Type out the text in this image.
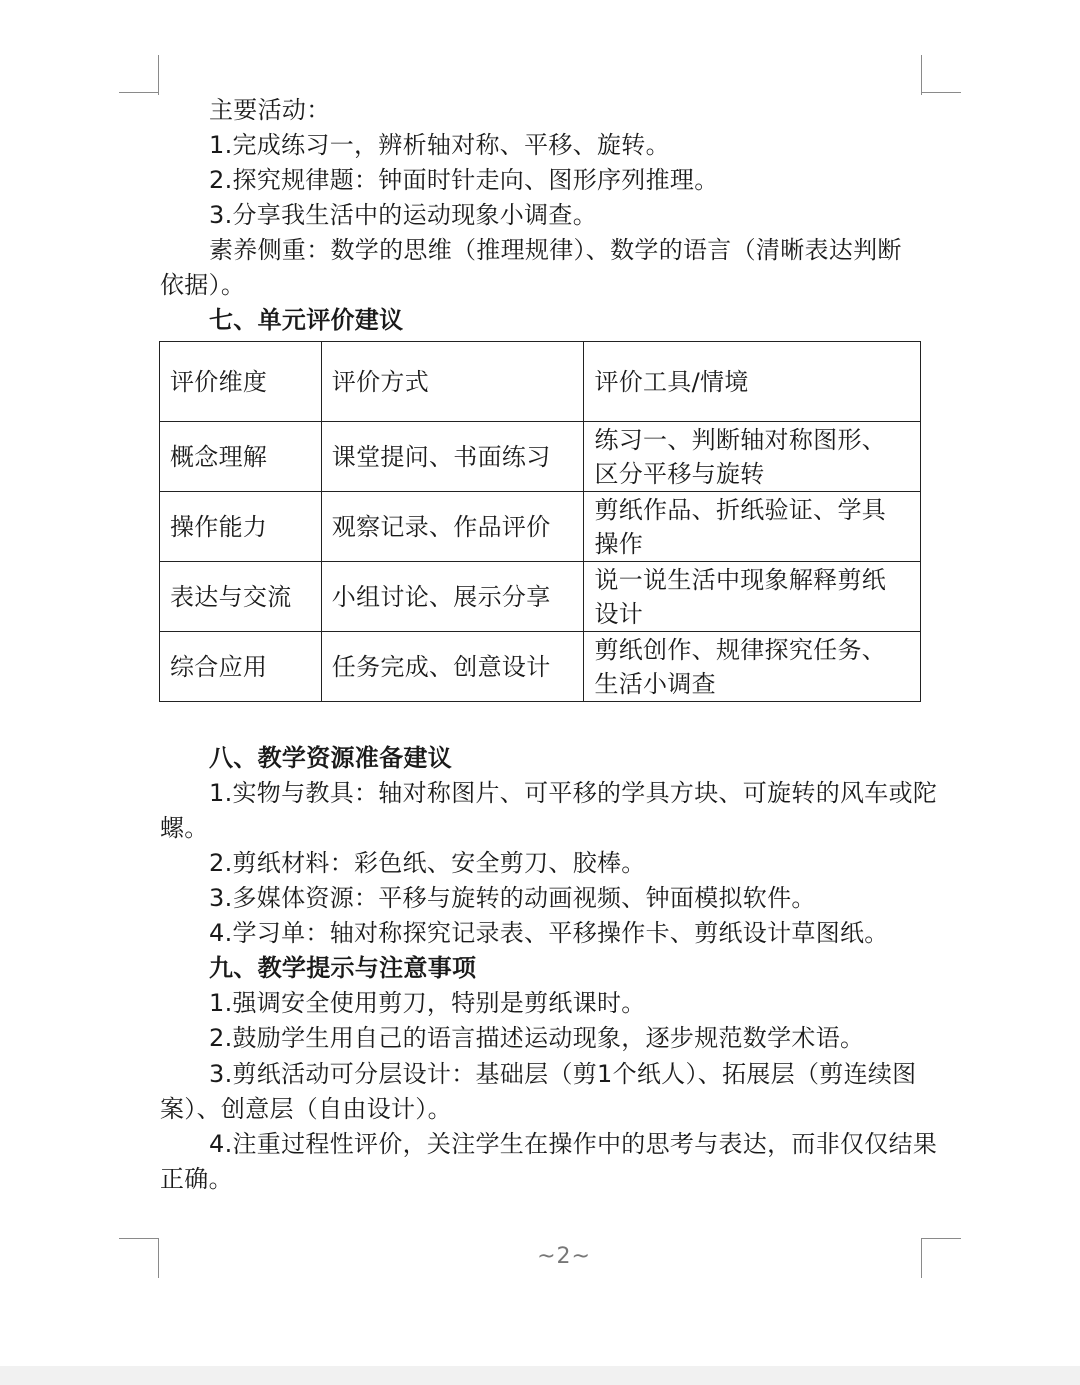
主要活动：
1.完成练习一，辨析轴对称、平移、旋转。
2.探究规律题：钟面时针走向、图形序列推理。
3.分享我生活中的运动现象小调查。
素养侧重：数学的思维（推理规律）、数学的语言（清晰表达判断
依据）。
七、单元评价建议
评价维度	评价方式	评价工具/情境
概念理解	课堂提问、书面练习	练习一、判断轴对称图形、区分平移与旋转
操作能力	观察记录、作品评价	剪纸作品、折纸验证、学具操作
表达与交流	小组讨论、展示分享	说一说生活中现象解释剪纸设计
综合应用	任务完成、创意设计	剪纸创作、规律探究任务、生活小调查
八、教学资源准备建议
1.实物与教具：轴对称图片、可平移的学具方块、可旋转的风车或陀
螺。
2.剪纸材料：彩色纸、安全剪刀、胶棒。
3.多媒体资源：平移与旋转的动画视频、钟面模拟软件。
4.学习单：轴对称探究记录表、平移操作卡、剪纸设计草图纸。
九、教学提示与注意事项
1.强调安全使用剪刀，特别是剪纸课时。
2.鼓励学生用自己的语言描述运动现象，逐步规范数学术语。
3.剪纸活动可分层设计：基础层（剪1个纸人）、拓展层（剪连续图
案）、创意层（自由设计）。
4.注重过程性评价，关注学生在操作中的思考与表达，而非仅仅结果
正确。
~2~
